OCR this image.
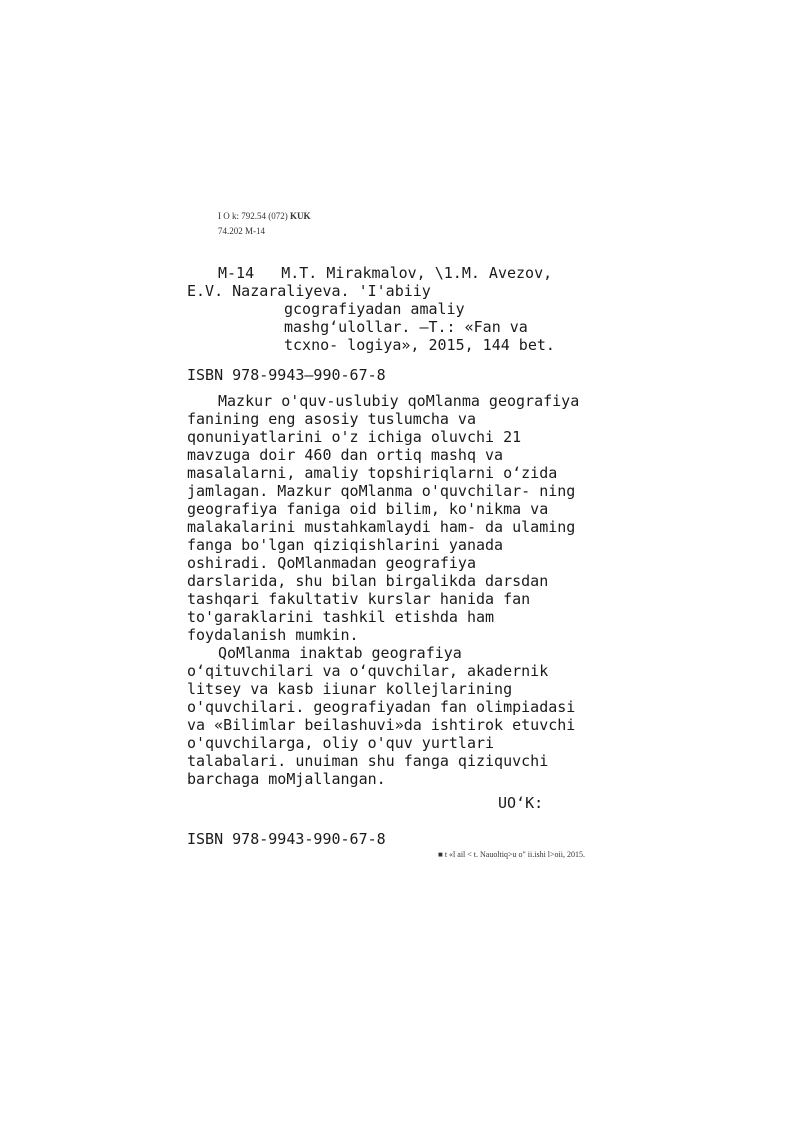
I O k: 792.54 (072) KUK
74.202 M-14
M-14   M.T. Mirakmalov, \1.M. Avezov,
E.V. Nazaraliyeva. 'I'abiiy
gcografiyadan amaliy
mashg‘ulollar. —T.: «Fan va
tcxno- logiya», 2015, 144 bet.
ISBN 978-9943—990-67-8
Mazkur o'quv-uslubiy qoMlanma geografiya
fanining eng asosiy tuslumcha va
qonuniyatlarini o'z ichiga oluvchi 21
mavzuga doir 460 dan ortiq mashq va
masalalarni, amaliy topshiriqlarni o‘zida
jamlagan. Mazkur qoMlanma o'quvchilar- ning
geografiya faniga oid bilim, ko'nikma va
malakalarini mustahkamlaydi ham- da ulaming
fanga bo'lgan qiziqishlarini yanada
oshiradi. QoMlanmadan geografiya
darslarida, shu bilan birgalikda darsdan
tashqari fakultativ kurslar hanida fan
to'garaklarini tashkil etishda ham
foydalanish mumkin.
QoMlanma inaktab geografiya
o‘qituvchilari va o‘quvchilar, akadernik
litsey va kasb iiunar kollejlarining
o'quvchilari. geografiyadan fan olimpiadasi
va «Bilimlar beilashuvi»da ishtirok etuvchi
o'quvchilarga, oliy o'quv yurtlari
talabalari. unuiman shu fanga qiziquvchi
barchaga moMjallangan.
UO‘K:
ISBN 978-9943-990-67-8
■ t «l ail < t. Nauoltiq>u o" ii.ishi l>oii, 2015.
